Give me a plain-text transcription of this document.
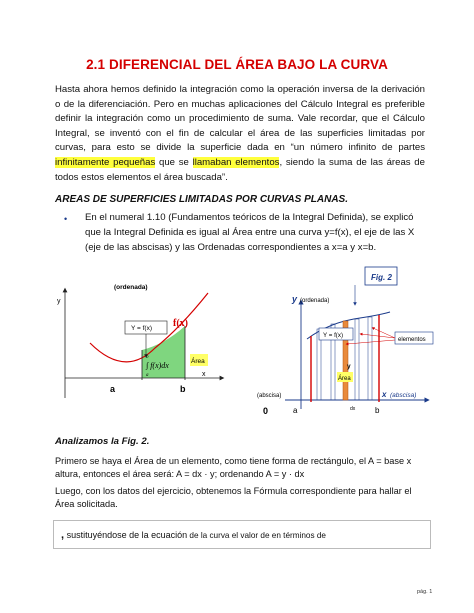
2.1 DIFERENCIAL DEL ÁREA BAJO LA CURVA
Hasta ahora hemos definido la integración como la operación inversa de la derivación o de la diferenciación. Pero en muchas aplicaciones del Cálculo Integral es preferible definir la integración como un procedimiento de suma. Vale recordar, que el Cálculo Integral, se inventó con el fin de calcular el área de las superficies limitadas por curvas, para esto se divide la superficie dada en “un número infinito de partes infinitamente pequeñas que se llamaban elementos, siendo la suma de las áreas de todos estos elementos el área buscada”.
AREAS DE SUPERFICIES LIMITADAS POR CURVAS PLANAS.
• En el numeral 1.10 (Fundamentos teóricos de la Integral Definida), se explicó que la Integral Definida es igual al Área entre una curva y=f(x), el eje de las X (eje de las abscisas) y las Ordenadas correspondientes a x=a y x=b.
(ordenada)
y
Y = f(x) f(x)
Área
∫ f(x)dx
b
a
a	b
x
Fig. 2
y (ordenada)
Y = f(x)
elementos
y
Área
(abscisa)
0	a	dx b
x (abscisa)
Analizamos la Fig. 2.
Primero se haya el Área de un elemento, como tiene forma de rectángulo, el A = base x altura, entonces el área será: A = dx · y; ordenando A = y · dx
Luego, con los datos del ejercicio, obtenemos la Fórmula correspondiente para hallar el Área solicitada.
, sustituyéndose de la ecuación de la curva el valor de en términos de
pág. 1
